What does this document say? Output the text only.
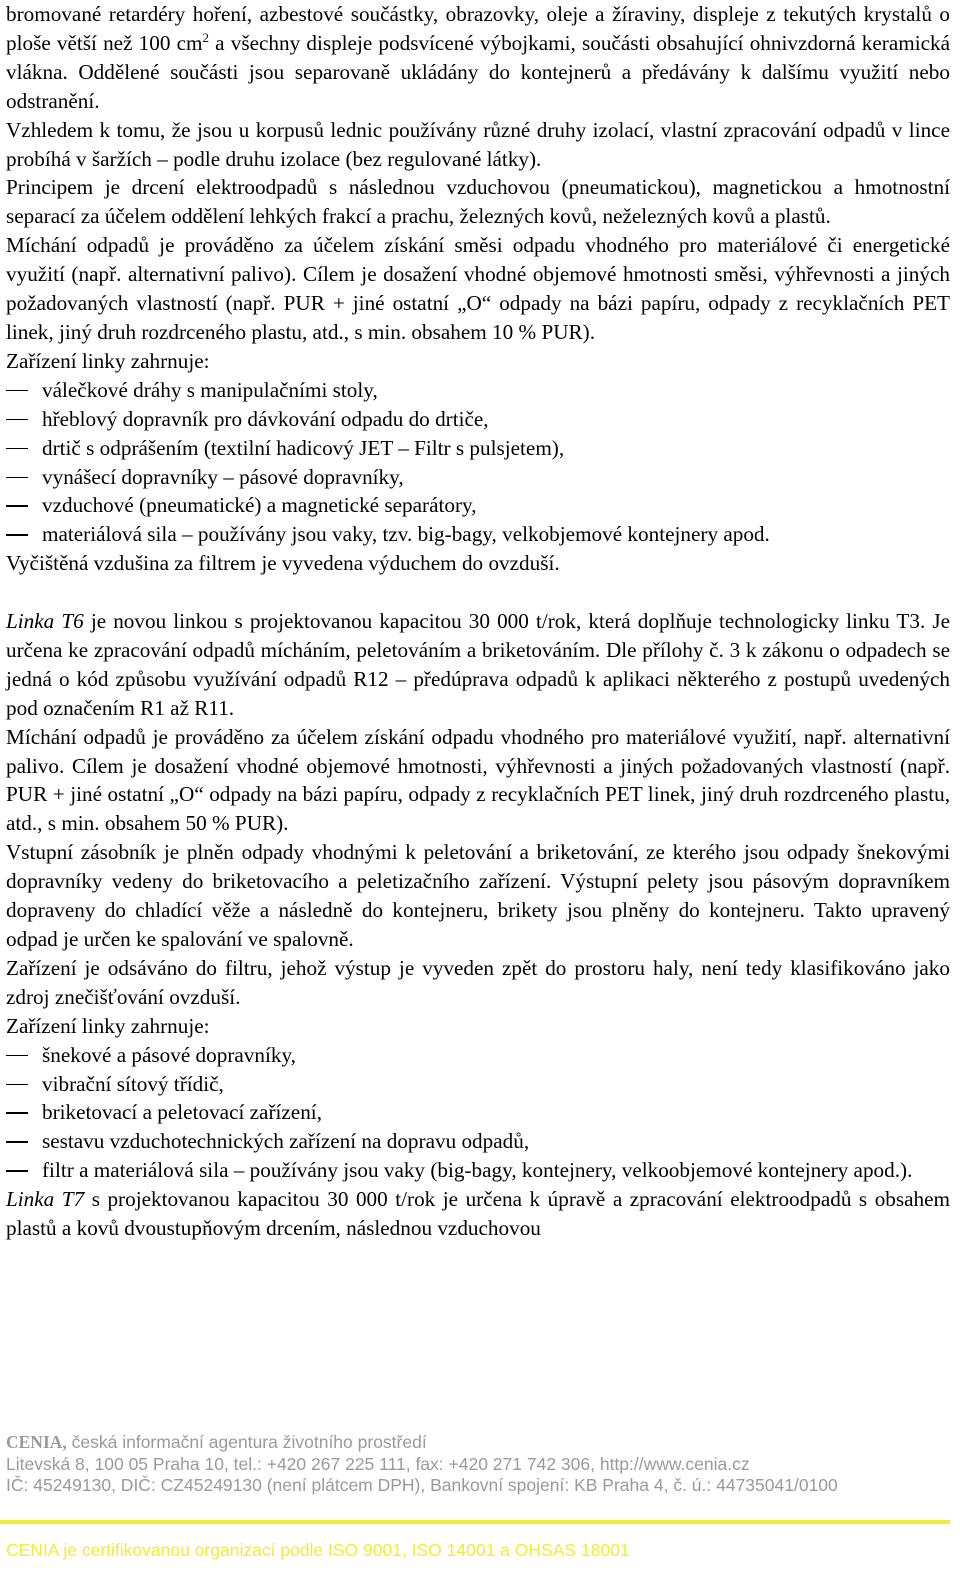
bromované retardéry hoření, azbestové součástky, obrazovky, oleje a žíraviny, displeje z tekutých krystalů o ploše větší než 100 $cm^2$ a všechny displeje podsvícené výbojkami, součásti obsahující ohnivzdorná keramická vlákna. Oddělené součásti jsou separovaně ukládány do kontejnerů a předávány k dalšímu využití nebo odstranění.

Vzhledem k tomu, že jsou u korpusů lednic používány různé druhy izolací, vlastní zpracování odpadů v lince probíhá v šaržích – podle druhu izolace (bez regulované látky).

Principem je drcení elektroodpadů s následnou vzduchovou (pneumatickou), magnetickou a hmotnostní separací za účelem oddělení lehkých frakcí a prachu, železných kovů, neželezných kovů a plastů.

Míchání odpadů je prováděno za účelem získání směsi odpadu vhodného pro materiálové či energetické využití (např. alternativní palivo). Cílem je dosažení vhodné objemové hmotnosti směsi, výhřevnosti a jiných požadovaných vlastností (např. PUR + jiné ostatní „O“ odpady na bázi papíru, odpady z recyklačních PET linek, jiný druh rozdrceného plastu, atd., s min. obsahem 10 % PUR).

Zařízení linky zahrnuje:

válečkové dráhy s manipulačními stoly,
hřeblový dopravník pro dávkování odpadu do drtiče,
drtič s odprášením (textilní hadicový JET – Filtr s pulsjetem),
vynášecí dopravníky – pásové dopravníky,
vzduchové (pneumatické) a magnetické separátory,
materiálová sila – používány jsou vaky, tzv. big-bagy, velkobjemové kontejnery apod.

Vyčištěná vzdušina za filtrem je vyvedena výduchem do ovzduší.

Linka T6 je novou linkou s projektovanou kapacitou 30 000 t/rok, která doplňuje technologicky linku T3. Je určena ke zpracování odpadů mícháním, peletováním a briketováním. Dle přílohy č. 3 k zákonu o odpadech se jedná o kód způsobu využívání odpadů R12 – předúprava odpadů k aplikaci některého z postupů uvedených pod označením R1 až R11.

Míchání odpadů je prováděno za účelem získání odpadu vhodného pro materiálové využití, např. alternativní palivo. Cílem je dosažení vhodné objemové hmotnosti, výhřevnosti a jiných požadovaných vlastností (např. PUR + jiné ostatní „O“ odpady na bázi papíru, odpady z recyklačních PET linek, jiný druh rozdrceného plastu, atd., s min. obsahem 50 % PUR).

Vstupní zásobník je plněn odpady vhodnými k peletování a briketování, ze kterého jsou odpady šnekovými dopravníky vedeny do briketovacího a peletizačního zařízení. Výstupní pelety jsou pásovým dopravníkem dopraveny do chladící věže a následně do kontejneru, brikety jsou plněny do kontejneru. Takto upravený odpad je určen ke spalování ve spalovně.

Zařízení je odsáváno do filtru, jehož výstup je vyveden zpět do prostoru haly, není tedy klasifikováno jako zdroj znečišťování ovzduší.

Zařízení linky zahrnuje:

šnekové a pásové dopravníky,
vibrační sítový třídič,
briketovací a peletovací zařízení,
sestavu vzduchotechnických zařízení na dopravu odpadů,
filtr a materiálová sila – používány jsou vaky (big-bagy, kontejnery, velkoobjemové kontejnery apod.).

Linka T7 s projektovanou kapacitou 30 000 t/rok je určena k úpravě a zpracování elektroodpadů s obsahem plastů a kovů dvoustupňovým drcením, následnou vzduchovou

CENIA, česká informační agentura životního prostředí
Litevská 8, 100 05 Praha 10, tel.: +420 267 225 111, fax: +420 271 742 306, http://www.cenia.cz
IČ: 45249130, DIČ: CZ45249130 (není plátcem DPH), Bankovní spojení: KB Praha 4, č. ú.: 44735041/0100
CENIA je certifikovanou organizací podle ISO 9001, ISO 14001 a OHSAS 18001
